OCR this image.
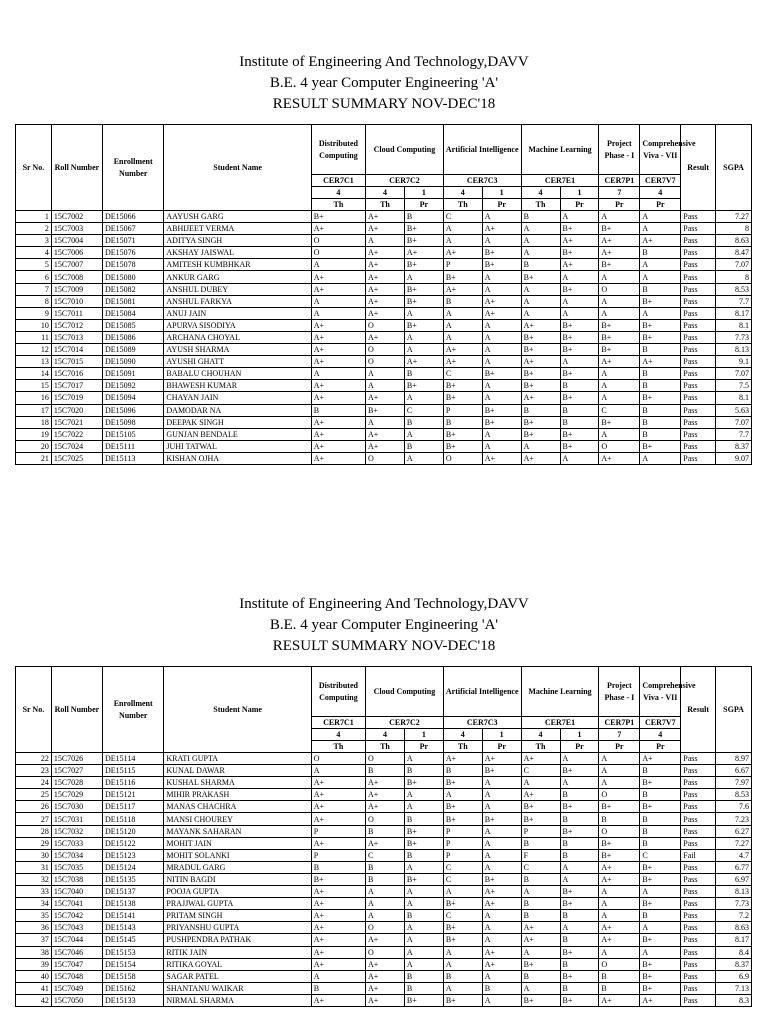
Institute of Engineering And Technology,DAVV
B.E. 4 year Computer Engineering 'A'
RESULT SUMMARY NOV-DEC'18
Sr No.	Roll Number	Enrollment Number	Student Name	Distributed Computing	Cloud Computing		Artificial Intelligence		Machine Learning		Project Phase - I	Comprehensive Viva - VII	Result	SGPA
				CER7C1	CER7C2		CER7C3		CER7E1		CER7P1	CER7V7		
				4	4	1	4	1	4	1	7	4		
				Th	Th	Pr	Th	Pr	Th	Pr	Pr	Pr		
1	15C7002	DE15066	AAYUSH GARG	B+	A+	B	C	A	B	A	A	A	Pass	7.27
2	15C7003	DE15067	ABHIJEET VERMA	A+	A+	B+	A	A+	A	B+	B+	A	Pass	8
3	15C7004	DE15071	ADITYA SINGH	O	A	B+	A	A	A	A+	A+	A+	Pass	8.63
4	15C7006	DE15076	AKSHAY JAISWAL	O	A+	A+	A+	B+	A	B+	A+	B	Pass	8.47
5	15C7007	DE15078	AMITESH KUMBHKAR	A	A+	B+	P	B+	B	A+	B+	A	Pass	7.07
6	15C7008	DE15080	ANKUR GARG	A+	A+	A	B+	A	B+	A	A	A	Pass	8
7	15C7009	DE15082	ANSHUL DUBEY	A+	A+	B+	A+	A	A	B+	O	B	Pass	8.53
8	15C7010	DE15081	ANSHUL FARKYA	A	A+	B+	B	A+	A	A	A	B+	Pass	7.7
9	15C7011	DE15084	ANUJ JAIN	A	A+	A	A	A+	A	A	A	A	Pass	8.17
10	15C7012	DE15085	APURVA SISODIYA	A+	O	B+	A	A	A+	B+	B+	B+	Pass	8.1
11	15C7013	DE15086	ARCHANA CHOYAL	A+	A+	A	A	A	B+	B+	B+	B+	Pass	7.73
12	15C7014	DE15089	AYUSH SHARMA	A+	O	A	A+	A	B+	B+	B+	B	Pass	8.13
13	15C7015	DE15090	AYUSHI GHATT	A+	O	A+	A+	A	A+	A	A+	A+	Pass	9.1
14	15C7016	DE15091	BABALU CHOUHAN	A	A	B	C	B+	B+	B+	A	B	Pass	7.07
15	15C7017	DE15092	BHAWESH KUMAR	A+	A	B+	B+	A	B+	B	A	B	Pass	7.5
16	15C7019	DE15094	CHAYAN JAIN	A+	A+	A	B+	A	A+	B+	A	B+	Pass	8.1
17	15C7020	DE15096	DAMODAR NA	B	B+	C	P	B+	B	B	C	B	Pass	5.63
18	15C7021	DE15098	DEEPAK SINGH	A+	A	B	B	B+	B+	B	B+	B	Pass	7.07
19	15C7022	DE15105	GUNJAN BENDALE	A+	A+	A	B+	A	B+	B+	A	B	Pass	7.7
20	15C7024	DE15111	JUHI TATWAL	A+	A+	B	B+	A	A	B+	O	B+	Pass	8.37
21	15C7025	DE15113	KISHAN OJHA	A+	O	A	O	A+	A+	A	A+	A	Pass	9.07
Institute of Engineering And Technology,DAVV
B.E. 4 year Computer Engineering 'A'
RESULT SUMMARY NOV-DEC'18
Sr No.	Roll Number	Enrollment Number	Student Name	Distributed Computing	Cloud Computing		Artificial Intelligence		Machine Learning		Project Phase - I	Comprehensive Viva - VII	Result	SGPA
				CER7C1	CER7C2		CER7C3		CER7E1		CER7P1	CER7V7		
				4	4	1	4	1	4	1	7	4		
				Th	Th	Pr	Th	Pr	Th	Pr	Pr	Pr		
22	15C7026	DE15114	KRATI GUPTA	O	O	A	A+	A+	A+	A	A	A+	Pass	8.97
23	15C7027	DE15115	KUNAL DAWAR	A	B	B	B	B+	C	B+	A	B	Pass	6.67
24	15C7028	DE15116	KUSHAL SHARMA	A+	A+	B+	B+	A	A	A	A	B+	Pass	7.97
25	15C7029	DE15121	MIHIR PRAKASH	A+	A+	A	A	A	A+	B	O	B	Pass	8.53
26	15C7030	DE15117	MANAS CHACHRA	A+	A+	A	B+	A	B+	B+	B+	B+	Pass	7.6
27	15C7031	DE15118	MANSI CHOUREY	A+	O	B	B+	B+	B+	B	B	B	Pass	7.23
28	15C7032	DE15120	MAYANK SAHARAN	P	B	B+	P	A	P	B+	O	B	Pass	6.27
29	15C7033	DE15122	MOHIT JAIN	A+	A+	B+	P	A	B	B	B+	B	Pass	7.27
30	15C7034	DE15123	MOHIT SOLANKI	P	C	B	P	A	F	B	B+	C	Fail	4.7
31	15C7035	DE15124	MRADUL GARG	B	B	A	C	A	C	A	A+	B+	Pass	6.77
32	15C7038	DE15135	NITIN BAGDI	B+	B	B+	C	B+	B	A	A+	B+	Pass	6.97
33	15C7040	DE15137	POOJA GUPTA	A+	A	A	A	A+	A	B+	A	A	Pass	8.13
34	15C7041	DE15138	PRAJJWAL GUPTA	A+	A	A	B+	A+	B	B+	A	B+	Pass	7.73
35	15C7042	DE15141	PRITAM SINGH	A+	A	B	C	A	B	B	A	B	Pass	7.2
36	15C7043	DE15143	PRIYANSHU GUPTA	A+	O	A	B+	A	A+	A	A+	A	Pass	8.63
37	15C7044	DE15145	PUSHPENDRA PATHAK	A+	A+	A	B+	A	A+	B	A+	B+	Pass	8.17
38	15C7046	DE15153	RITIK JAIN	A+	O	A	A	A+	A	B+	A	A	Pass	8.4
39	15C7047	DE15154	RITIKA GOYAL	A+	A+	A	A	A+	B+	B	O	B+	Pass	8.37
40	15C7048	DE15158	SAGAR PATEL	A	A+	B	B	A	B	B+	B	B+	Pass	6.9
41	15C7049	DE15162	SHANTANU WAIKAR	B	A+	B	A	B	A	B	B	B+	Pass	7.13
42	15C7050	DE15133	NIRMAL SHARMA	A+	A+	B+	B+	A	B+	B+	A+	A+	Pass	8.3
